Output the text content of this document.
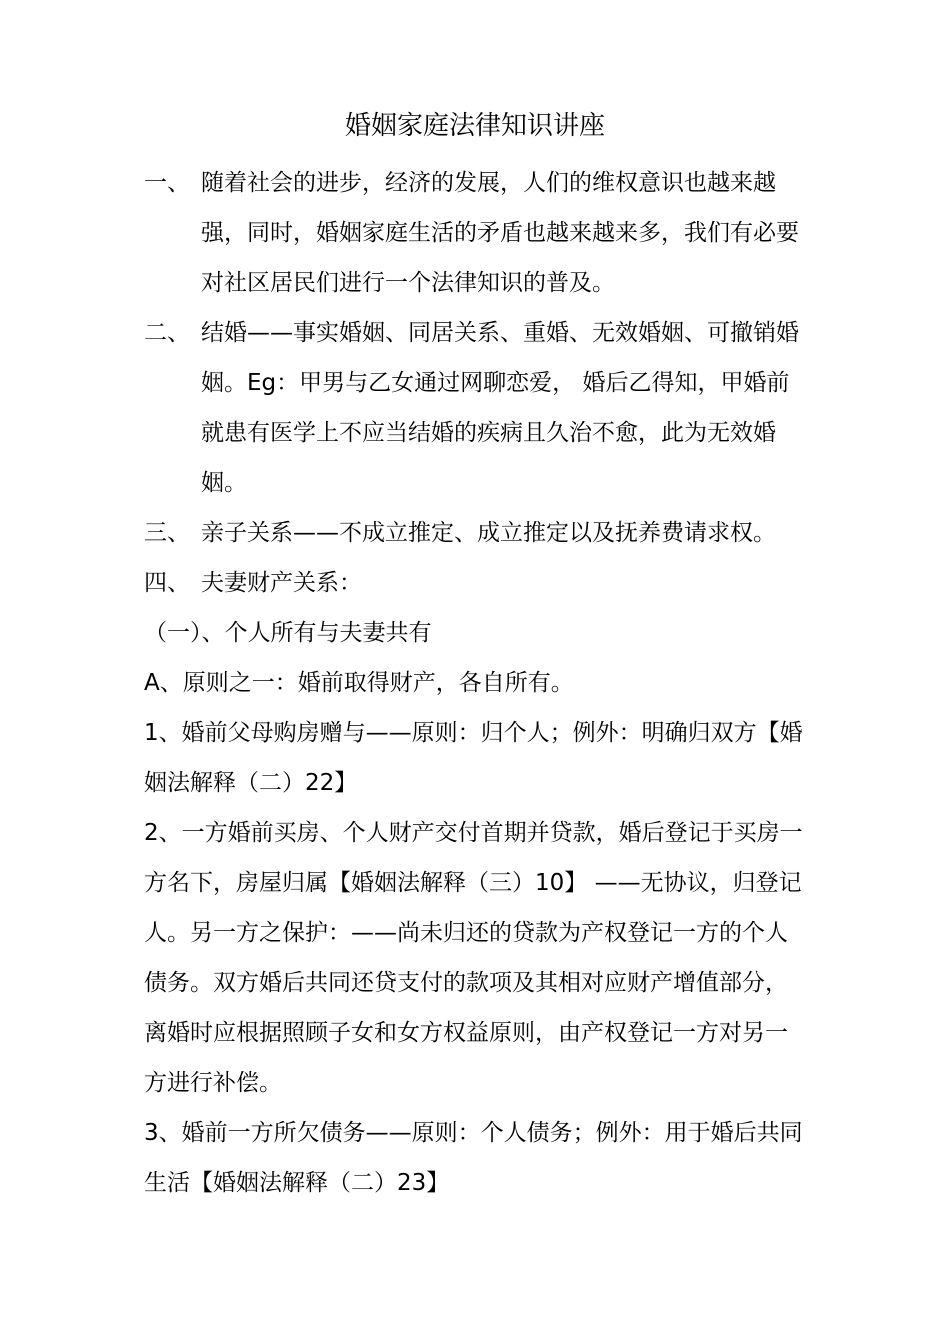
婚姻家庭法律知识讲座
一、 随着社会的进步，经济的发展，人们的维权意识也越来越强，同时，婚姻家庭生活的矛盾也越来越来多，我们有必要对社区居民们进行一个法律知识的普及。
二、 结婚——事实婚姻、同居关系、重婚、无效婚姻、可撤销婚姻。Eg：甲男与乙女通过网聊恋爱， 婚后乙得知，甲婚前就患有医学上不应当结婚的疾病且久治不愈，此为无效婚姻。
三、 亲子关系——不成立推定、成立推定以及抚养费请求权。
四、 夫妻财产关系：
（一）、个人所有与夫妻共有
A、原则之一：婚前取得财产，各自所有。
1、婚前父母购房赠与——原则：归个人；例外：明确归双方【婚姻法解释（二）22】
2、一方婚前买房、个人财产交付首期并贷款，婚后登记于买房一方名下，房屋归属【婚姻法解释（三）10】 ——无协议，归登记人。另一方之保护：——尚未归还的贷款为产权登记一方的个人债务。双方婚后共同还贷支付的款项及其相对应财产增值部分，离婚时应根据照顾子女和女方权益原则，由产权登记一方对另一方进行补偿。
3、婚前一方所欠债务——原则：个人债务；例外：用于婚后共同生活【婚姻法解释（二）23】
